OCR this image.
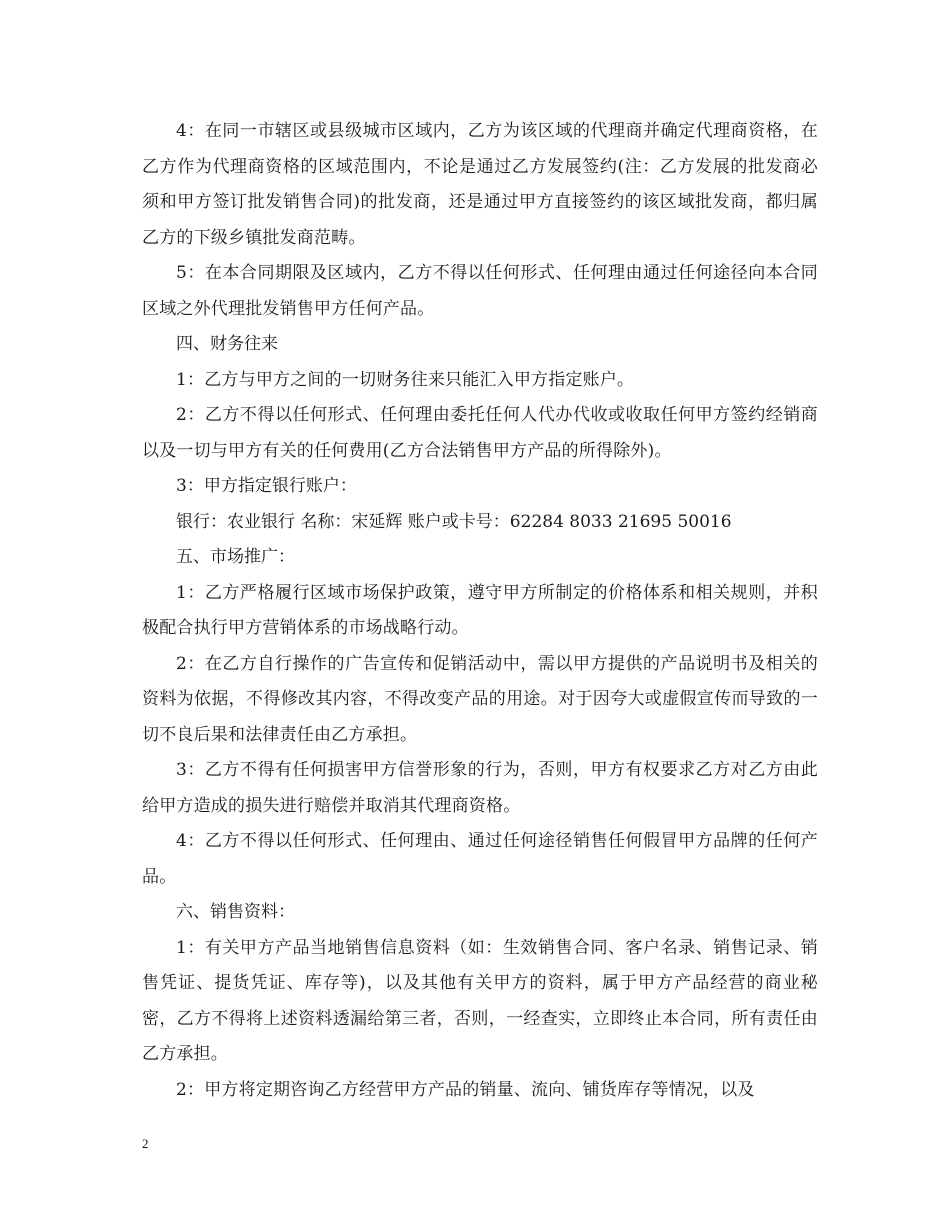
4：在同一市辖区或县级城市区域内，乙方为该区域的代理商并确定代理商资格，在乙方作为代理商资格的区域范围内，不论是通过乙方发展签约(注：乙方发展的批发商必须和甲方签订批发销售合同)的批发商，还是通过甲方直接签约的该区域批发商，都归属乙方的下级乡镇批发商范畴。

5：在本合同期限及区域内，乙方不得以任何形式、任何理由通过任何途径向本合同区域之外代理批发销售甲方任何产品。

四、财务往来

1：乙方与甲方之间的一切财务往来只能汇入甲方指定账户。

2：乙方不得以任何形式、任何理由委托任何人代办代收或收取任何甲方签约经销商以及一切与甲方有关的任何费用(乙方合法销售甲方产品的所得除外)。

3：甲方指定银行账户：

银行：农业银行 名称：宋延辉 账户或卡号：62284 8033 21695 50016

五、市场推广：

1：乙方严格履行区域市场保护政策，遵守甲方所制定的价格体系和相关规则，并积极配合执行甲方营销体系的市场战略行动。

2：在乙方自行操作的广告宣传和促销活动中，需以甲方提供的产品说明书及相关的资料为依据，不得修改其内容，不得改变产品的用途。对于因夸大或虚假宣传而导致的一切不良后果和法律责任由乙方承担。

3：乙方不得有任何损害甲方信誉形象的行为，否则，甲方有权要求乙方对乙方由此给甲方造成的损失进行赔偿并取消其代理商资格。

4：乙方不得以任何形式、任何理由、通过任何途径销售任何假冒甲方品牌的任何产品。

六、销售资料：

1：有关甲方产品当地销售信息资料（如：生效销售合同、客户名录、销售记录、销售凭证、提货凭证、库存等)，以及其他有关甲方的资料，属于甲方产品经营的商业秘密，乙方不得将上述资料透漏给第三者，否则，一经查实，立即终止本合同，所有责任由乙方承担。

2：甲方将定期咨询乙方经营甲方产品的销量、流向、铺货库存等情况，以及

2
